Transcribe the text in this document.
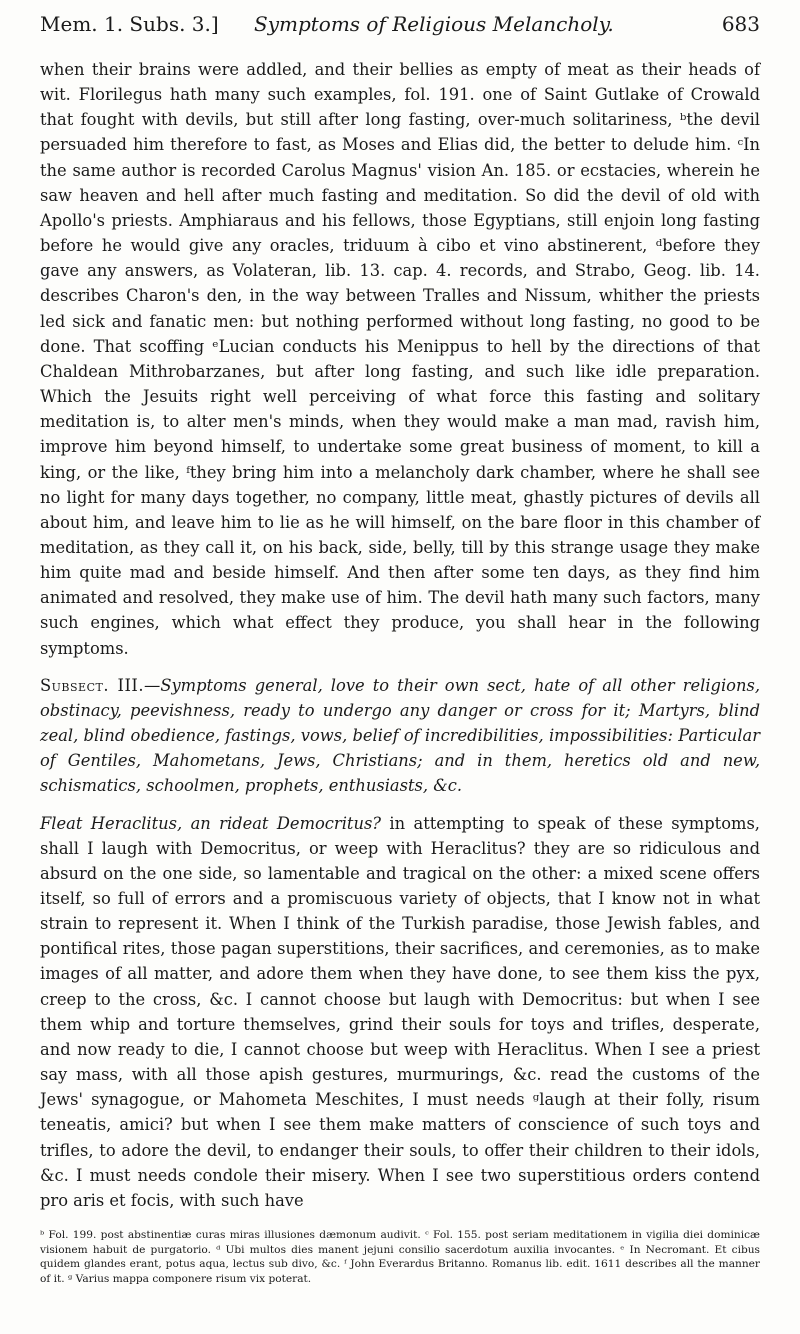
Mem. 1. Subs. 3.] Symptoms of Religious Melancholy.	683

when their brains were addled, and their bellies as empty of meat as their heads of wit. Florilegus hath many such examples, fol. 191. one of Saint Gutlake of Crowald that fought with devils, but still after long fasting, over-much solitariness, ᵇthe devil persuaded him therefore to fast, as Moses and Elias did, the better to delude him. ᶜIn the same author is recorded Carolus Magnus' vision An. 185. or ecstacies, wherein he saw heaven and hell after much fasting and meditation. So did the devil of old with Apollo's priests. Amphiaraus and his fellows, those Egyptians, still enjoin long fasting before he would give any oracles, triduum à cibo et vino abstinerent, ᵈbefore they gave any answers, as Volateran, lib. 13. cap. 4. records, and Strabo, Geog. lib. 14. describes Charon's den, in the way between Tralles and Nissum, whither the priests led sick and fanatic men: but nothing performed without long fasting, no good to be done. That scoffing ᵉLucian conducts his Menippus to hell by the directions of that Chaldean Mithrobarzanes, but after long fasting, and such like idle preparation. Which the Jesuits right well perceiving of what force this fasting and solitary meditation is, to alter men's minds, when they would make a man mad, ravish him, improve him beyond himself, to undertake some great business of moment, to kill a king, or the like, ᶠthey bring him into a melancholy dark chamber, where he shall see no light for many days together, no company, little meat, ghastly pictures of devils all about him, and leave him to lie as he will himself, on the bare floor in this chamber of meditation, as they call it, on his back, side, belly, till by this strange usage they make him quite mad and beside himself. And then after some ten days, as they find him animated and resolved, they make use of him. The devil hath many such factors, many such engines, which what effect they produce, you shall hear in the following symptoms.

Subsect. III.—Symptoms general, love to their own sect, hate of all other religions, obstinacy, peevishness, ready to undergo any danger or cross for it; Martyrs, blind zeal, blind obedience, fastings, vows, belief of incredibilities, impossibilities: Particular of Gentiles, Mahometans, Jews, Christians; and in them, heretics old and new, schismatics, schoolmen, prophets, enthusiasts, &c.

Fleat Heraclitus, an rideat Democritus? in attempting to speak of these symptoms, shall I laugh with Democritus, or weep with Heraclitus? they are so ridiculous and absurd on the one side, so lamentable and tragical on the other: a mixed scene offers itself, so full of errors and a promiscuous variety of objects, that I know not in what strain to represent it. When I think of the Turkish paradise, those Jewish fables, and pontifical rites, those pagan superstitions, their sacrifices, and ceremonies, as to make images of all matter, and adore them when they have done, to see them kiss the pyx, creep to the cross, &c. I cannot choose but laugh with Democritus: but when I see them whip and torture themselves, grind their souls for toys and trifles, desperate, and now ready to die, I cannot choose but weep with Heraclitus. When I see a priest say mass, with all those apish gestures, murmurings, &c. read the customs of the Jews' synagogue, or Mahometa Meschites, I must needs ᵍlaugh at their folly, risum teneatis, amici? but when I see them make matters of conscience of such toys and trifles, to adore the devil, to endanger their souls, to offer their children to their idols, &c. I must needs condole their misery. When I see two superstitious orders contend pro aris et focis, with such have

ᵇ Fol. 199. post abstinentiæ curas miras illusiones dæmonum audivit. ᶜ Fol. 155. post seriam meditationem in vigilia diei dominicæ visionem habuit de purgatorio. ᵈ Ubi multos dies manent jejuni consilio sacerdotum auxilia invocantes. ᵉ In Necromant. Et cibus quidem glandes erant, potus aqua, lectus sub divo, &c. ᶠ John Everardus Britanno. Romanus lib. edit. 1611 describes all the manner of it. ᵍ Varius mappa componere risum vix poterat.
